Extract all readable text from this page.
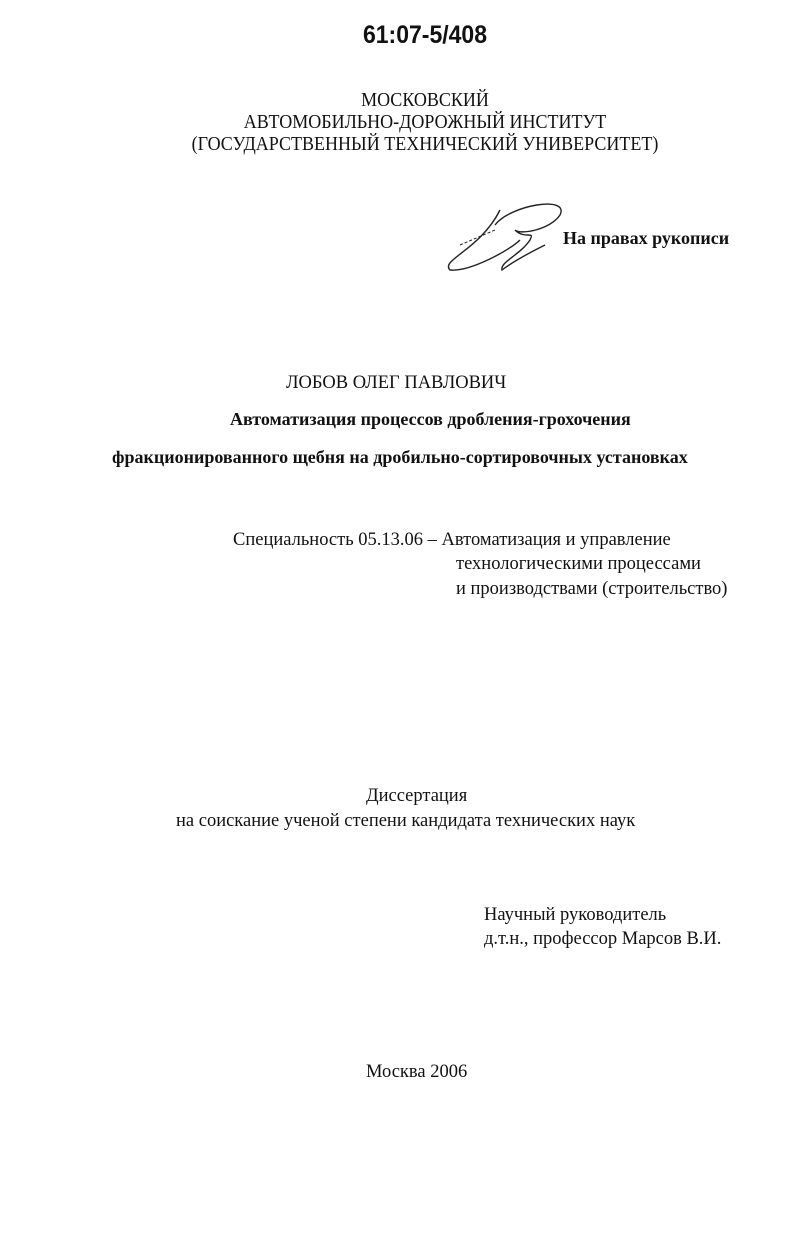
61:07-5/408
МОСКОВСКИЙ
АВТОМОБИЛЬНО-ДОРОЖНЫЙ ИНСТИТУТ
(ГОСУДАРСТВЕННЫЙ ТЕХНИЧЕСКИЙ УНИВЕРСИТЕТ)
На правах рукописи
ЛОБОВ ОЛЕГ ПАВЛОВИЧ
Автоматизация процессов дробления-грохочения
фракционированного щебня на дробильно-сортировочных установках
Специальность 05.13.06 – Автоматизация и управление
технологическими процессами
и производствами (строительство)
Диссертация
на соискание ученой степени кандидата технических наук
Научный руководитель
д.т.н., профессор Марсов В.И.
Москва 2006
